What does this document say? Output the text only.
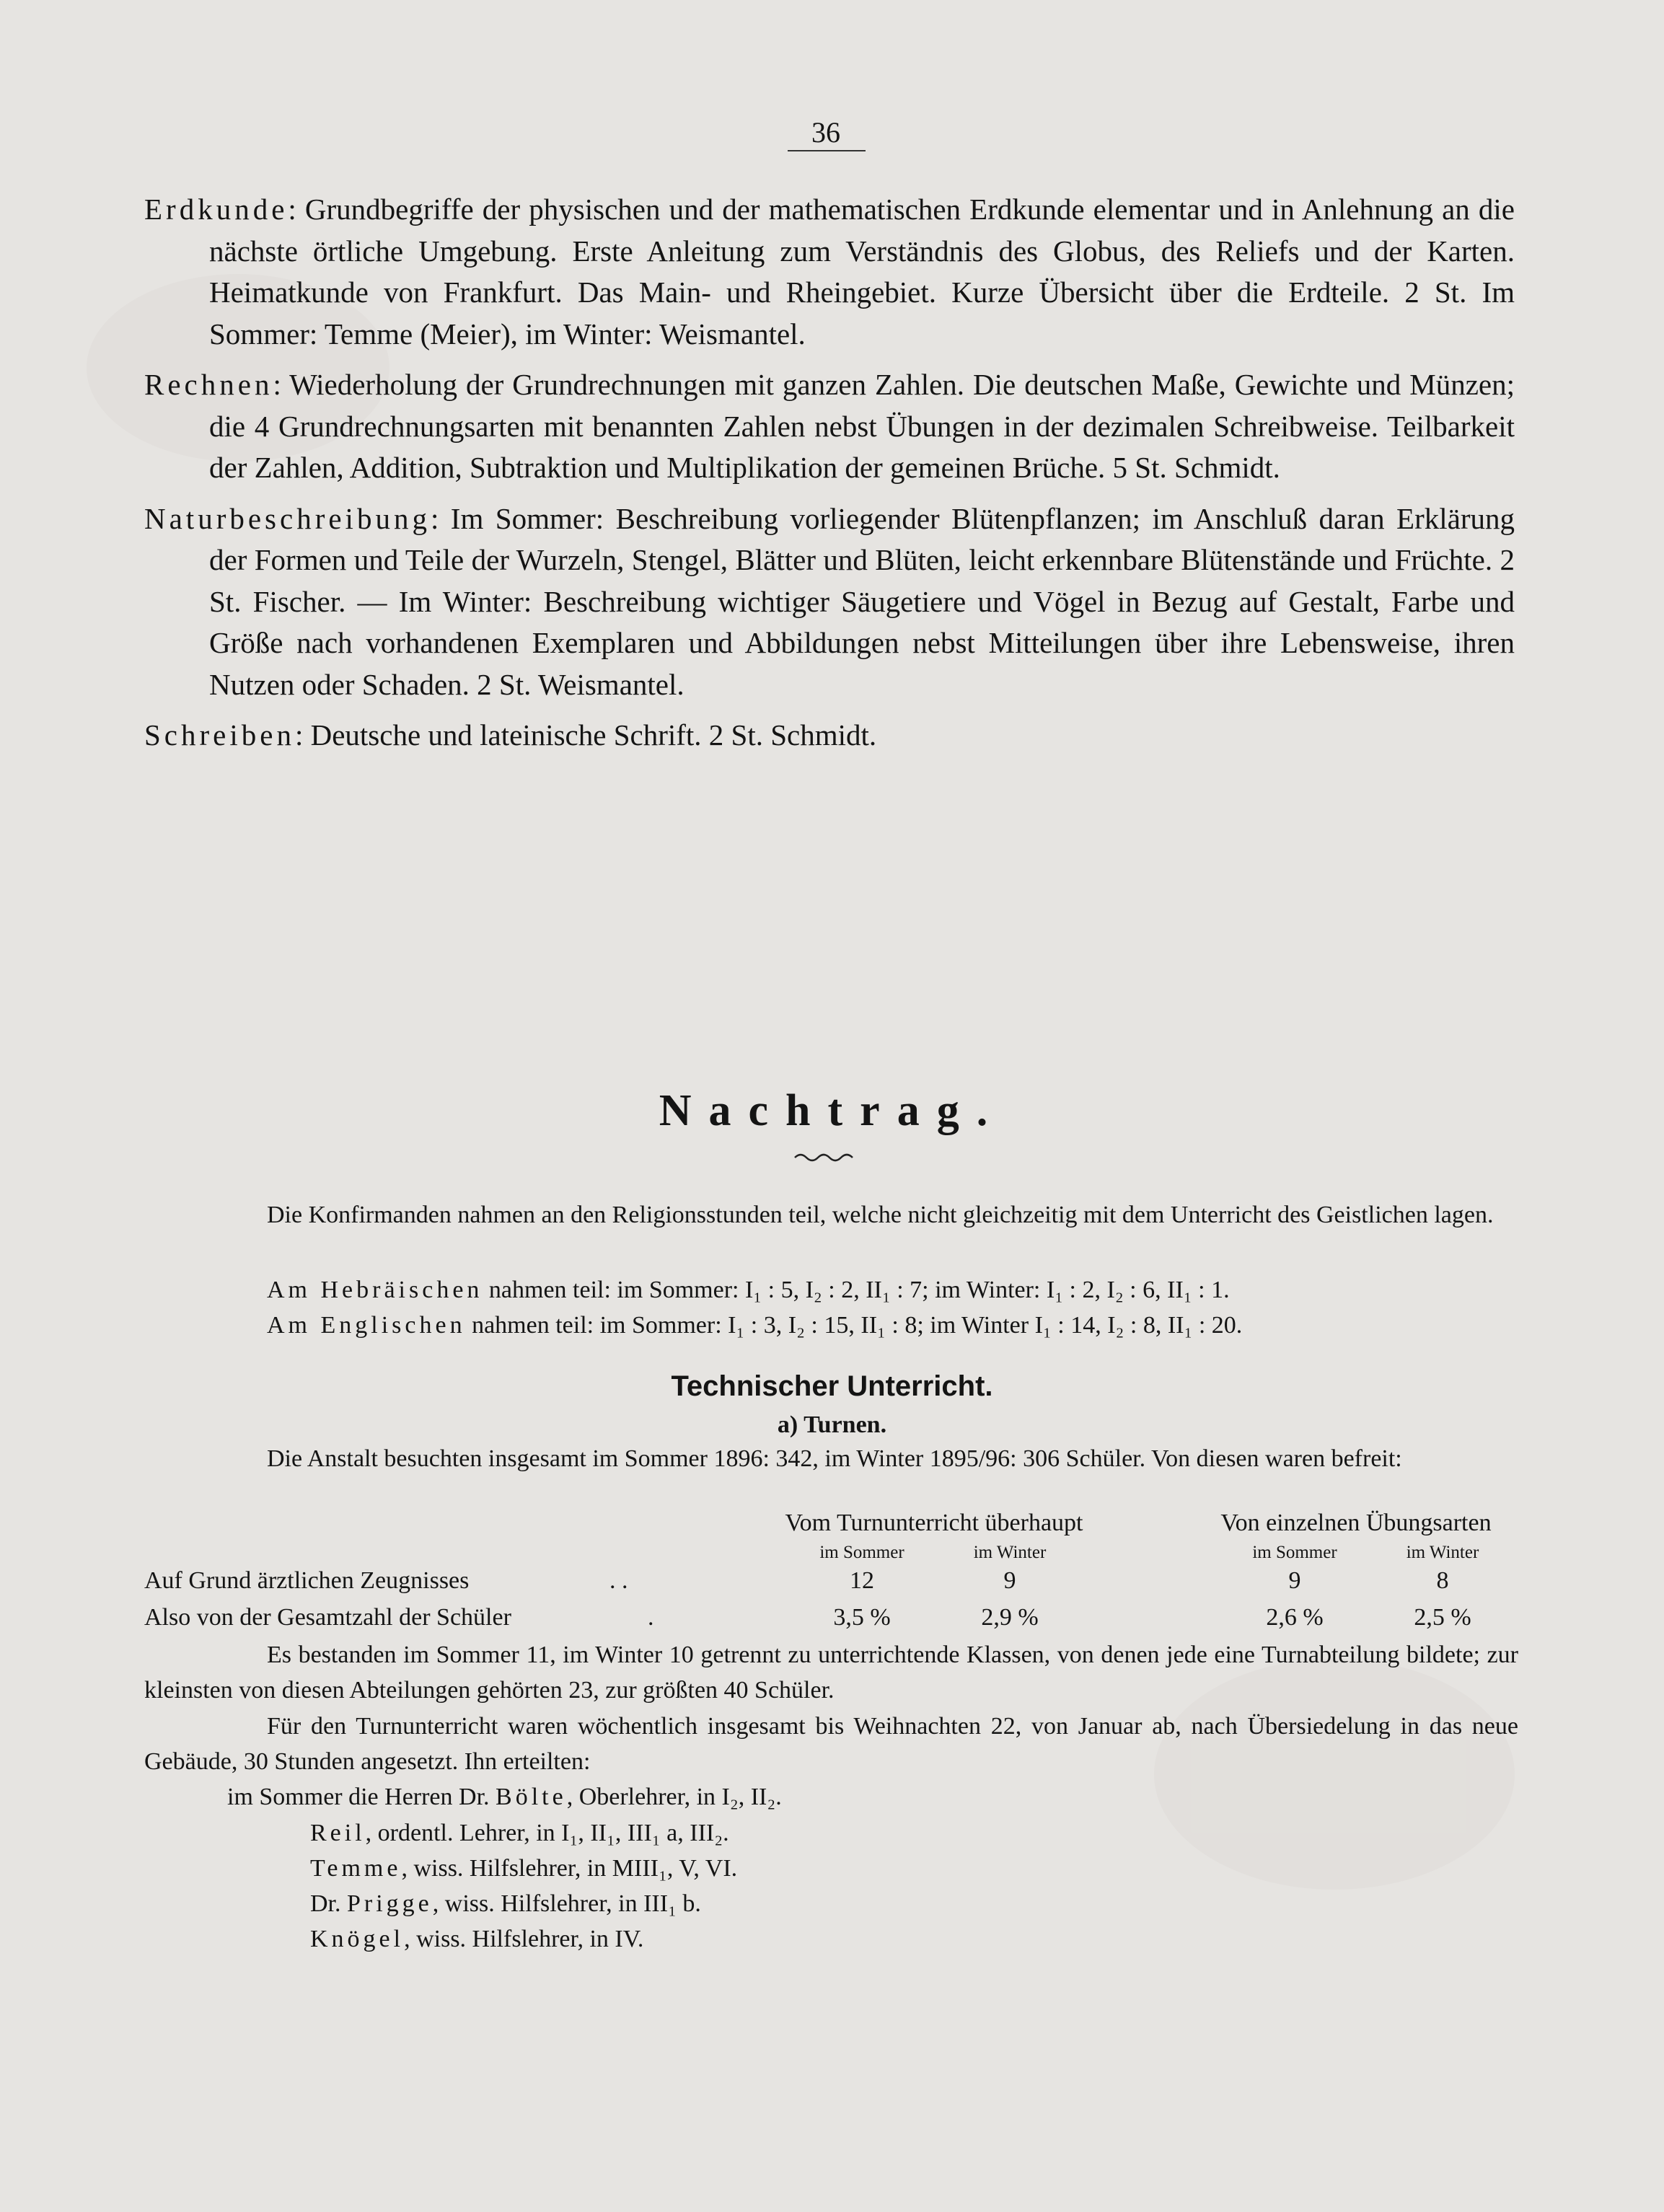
36
Erdkunde: Grundbegriffe der physischen und der mathematischen Erdkunde elementar und in Anlehnung an die nächste örtliche Umgebung. Erste Anleitung zum Verständnis des Globus, des Reliefs und der Karten. Heimatkunde von Frankfurt. Das Main- und Rheingebiet. Kurze Übersicht über die Erdteile. 2 St. Im Sommer: Temme (Meier), im Winter: Weismantel.
Rechnen: Wiederholung der Grundrechnungen mit ganzen Zahlen. Die deutschen Maße, Gewichte und Münzen; die 4 Grundrechnungsarten mit benannten Zahlen nebst Übungen in der dezimalen Schreibweise. Teilbarkeit der Zahlen, Addition, Subtraktion und Multiplikation der gemeinen Brüche. 5 St. Schmidt.
Naturbeschreibung: Im Sommer: Beschreibung vorliegender Blütenpflanzen; im Anschluß daran Erklärung der Formen und Teile der Wurzeln, Stengel, Blätter und Blüten, leicht erkennbare Blütenstände und Früchte. 2 St. Fischer. — Im Winter: Beschreibung wichtiger Säugetiere und Vögel in Bezug auf Gestalt, Farbe und Größe nach vorhandenen Exemplaren und Abbildungen nebst Mitteilungen über ihre Lebensweise, ihren Nutzen oder Schaden. 2 St. Weismantel.
Schreiben: Deutsche und lateinische Schrift. 2 St. Schmidt.
Nachtrag.
Die Konfirmanden nahmen an den Religionsstunden teil, welche nicht gleichzeitig mit dem Unterricht des Geistlichen lagen.
Am Hebräischen nahmen teil: im Sommer: I₁ : 5, I₂ : 2, II₁ : 7; im Winter: I₁ : 2, I₂ : 6, II₁ : 1.
Am Englischen nahmen teil: im Sommer: I₁ : 3, I₂ : 15, II₁ : 8; im Winter I₁ : 14, I₂ : 8, II₁ : 20.
Technischer Unterricht.
a) Turnen.
Die Anstalt besuchten insgesamt im Sommer 1896: 342, im Winter 1895/96: 306 Schüler. Von diesen waren befreit:
Vom Turnunterricht überhaupt	Von einzelnen Übungsarten
im Sommer	im Winter	im Sommer	im Winter
Auf Grund ärztlichen Zeugnisses	. .	12	9	9	8
Also von der Gesamtzahl der Schüler	.	3,5 %	2,9 %	2,6 %	2,5 %
Es bestanden im Sommer 11, im Winter 10 getrennt zu unterrichtende Klassen, von denen jede eine Turnabteilung bildete; zur kleinsten von diesen Abteilungen gehörten 23, zur größten 40 Schüler.
Für den Turnunterricht waren wöchentlich insgesamt bis Weihnachten 22, von Januar ab, nach Übersiedelung in das neue Gebäude, 30 Stunden angesetzt. Ihn erteilten:
im Sommer die Herren Dr. Bölte, Oberlehrer, in I₂, II₂.
Reil, ordentl. Lehrer, in I₁, II₁, III₁ a, III₂.
Temme, wiss. Hilfslehrer, in MIII₁, V, VI.
Dr. Prigge, wiss. Hilfslehrer, in III₁ b.
Knögel, wiss. Hilfslehrer, in IV.
